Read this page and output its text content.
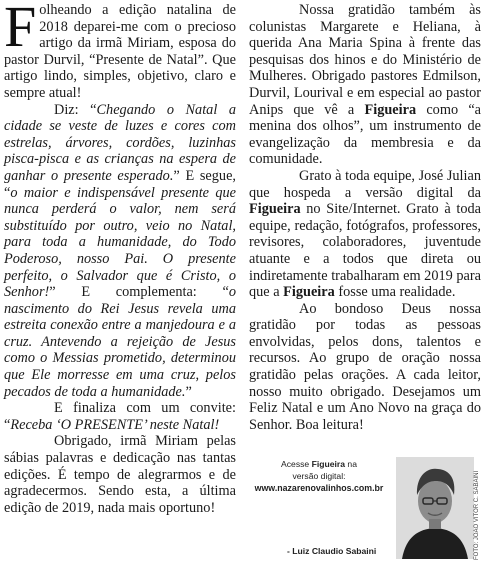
Folheando a edição natalina de 2018 deparei-me com o precioso artigo da irmã Miriam, esposa do pastor Durvil, “Presente de Natal”. Que artigo lindo, simples, objetivo, claro e sempre atual!

Diz: “Chegando o Natal a cidade se veste de luzes e cores com estrelas, árvores, cordões, luzinhas pisca-pisca e as crianças na espera de ganhar o presente esperado.” E segue, “o maior e indispensável presente que nunca perderá o valor, nem será substituído por outro, veio no Natal, para toda a humanidade, do Todo Poderoso, nosso Pai. O presente perfeito, o Salvador que é Cristo, o Senhor!” E complementa: “o nascimento do Rei Jesus revela uma estreita conexão entre a manjedoura e a cruz. Antevendo a rejeição de Jesus como o Messias prometido, determinou que Ele morresse em uma cruz, pelos pecados de toda a humanidade.”

E finaliza com um convite: “Receba ‘O PRESENTE’ neste Natal!

Obrigado, irmã Miriam pelas sábias palavras e dedicação nas tantas edições. É tempo de alegrarmos e de agradecermos. Sendo esta, a última edição de 2019, nada mais oportuno!

Nossa gratidão também às colunistas Margarete e Heliana, à querida Ana Maria Spina à frente das pesquisas dos hinos e do Ministério de Mulheres. Obrigado pastores Edmilson, Durvil, Lourival e em especial ao pastor Anips que vê a Figueira como “a menina dos olhos”, um instrumento de evangelização da membresia e da comunidade.

Grato à toda equipe, José Julian que hospeda a versão digital da Figueira no Site/Internet. Grato à toda equipe, redação, fotógrafos, professores, revisores, colaboradores, juventude atuante e a todos que direta ou indiretamente trabalharam em 2019 para que a Figueira fosse uma realidade.

Ao bondoso Deus nossa gratidão por todas as pessoas envolvidas, pelos dons, talentos e recursos. Ao grupo de oração nossa gratidão pelas orações. A cada leitor, nosso muito obrigado. Desejamos um Feliz Natal e um Ano Novo na graça do Senhor. Boa leitura!

Acesse Figueira na
versão digital:
www.nazarenovalinhos.com.br
- Luiz Claudio Sabaini	FOTO: JOÃO VITOR C. SABAINI
